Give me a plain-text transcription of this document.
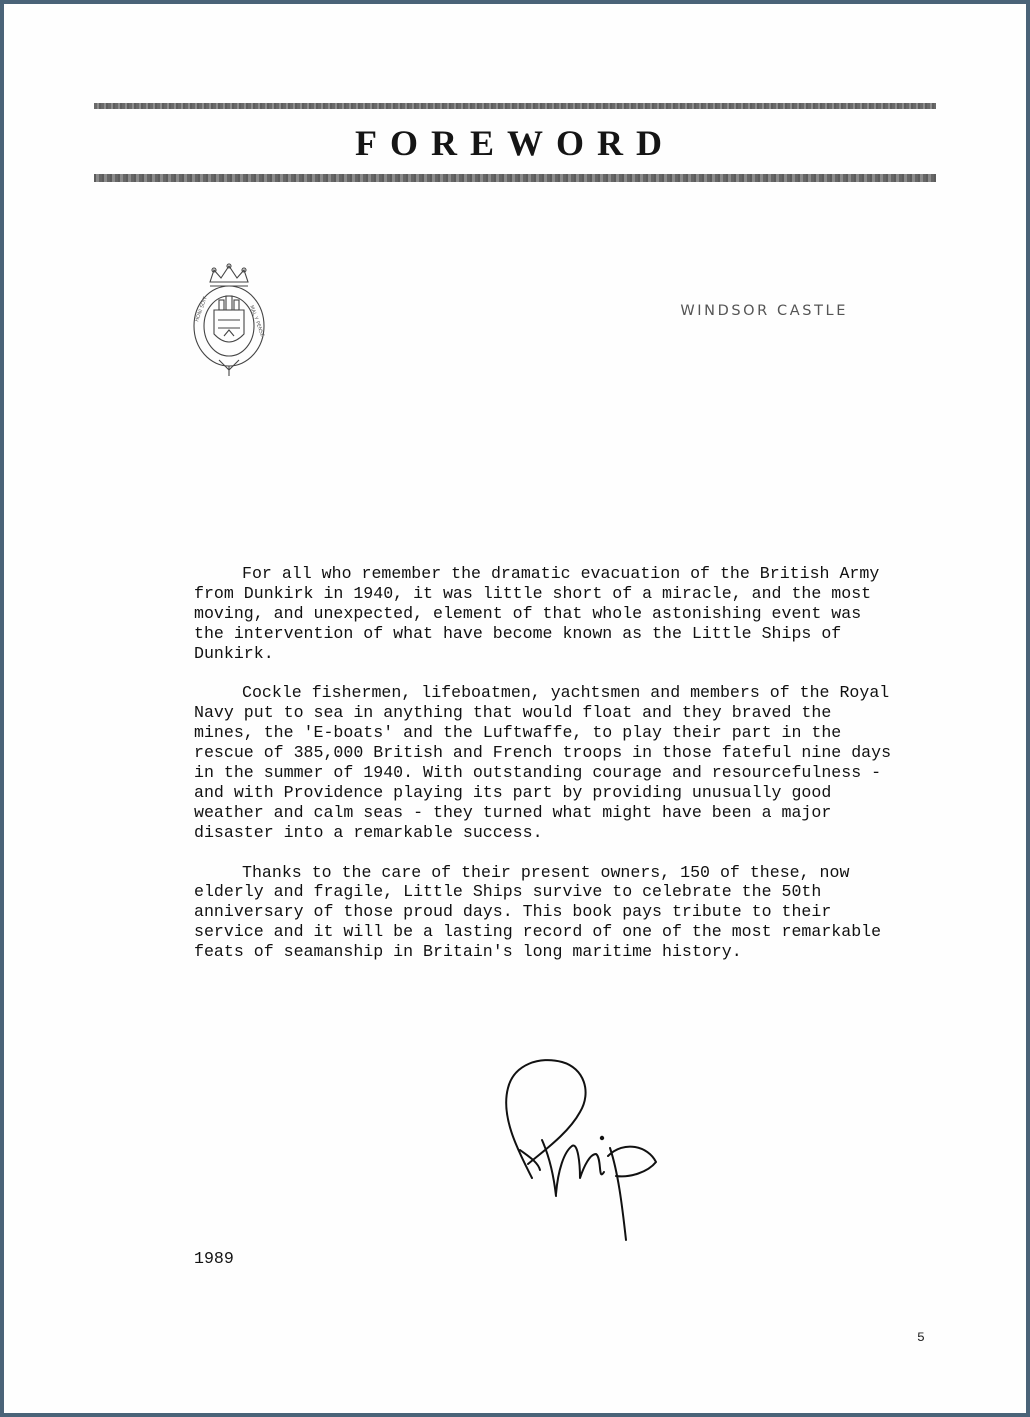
FOREWORD
HONI SOIT	MAL Y PENSE	WINDSOR CASTLE

For all who remember the dramatic evacuation of the British Army from Dunkirk in 1940, it was little short of a miracle, and the most moving, and unexpected, element of that whole astonishing event was the intervention of what have become known as the Little Ships of Dunkirk.

Cockle fishermen, lifeboatmen, yachtsmen and members of the Royal Navy put to sea in anything that would float and they braved the mines, the 'E-boats' and the Luftwaffe, to play their part in the rescue of 385,000 British and French troops in those fateful nine days in the summer of 1940. With outstanding courage and resourcefulness - and with Providence playing its part by providing unusually good weather and calm seas - they turned what might have been a major disaster into a remarkable success.

Thanks to the care of their present owners, 150 of these, now elderly and fragile, Little Ships survive to celebrate the 50th anniversary of those proud days. This book pays tribute to their service and it will be a lasting record of one of the most remarkable feats of seamanship in Britain's long maritime history.

1989
5
